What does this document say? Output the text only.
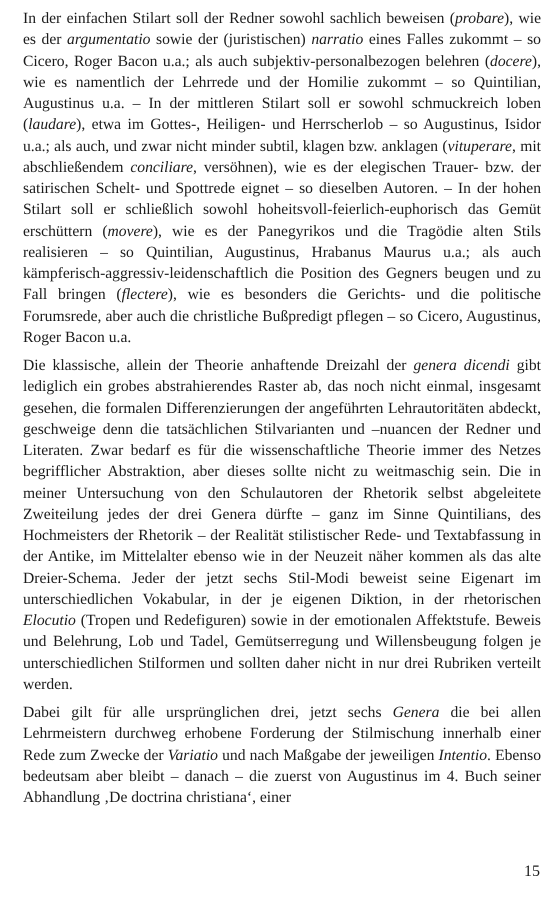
In der einfachen Stilart soll der Redner sowohl sachlich beweisen (probare), wie es der argumentatio sowie der (juristischen) narratio eines Falles zukommt – so Cicero, Roger Bacon u.a.; als auch subjektiv-personalbezogen belehren (docere), wie es namentlich der Lehrrede und der Homilie zukommt – so Quintilian, Augustinus u.a. – In der mittleren Stilart soll er sowohl schmuckreich loben (laudare), etwa im Gottes-, Heiligen- und Herrscherlob – so Augustinus, Isidor u.a.; als auch, und zwar nicht minder subtil, klagen bzw. anklagen (vituperare, mit abschließendem conciliare, versöhnen), wie es der elegischen Trauer- bzw. der satirischen Schelt- und Spottrede eignet – so dieselben Autoren. – In der hohen Stilart soll er schließlich sowohl hoheitsvoll-feierlich-euphorisch das Gemüt erschüttern (movere), wie es der Panegyrikos und die Tragödie alten Stils realisieren – so Quintilian, Augustinus, Hrabanus Maurus u.a.; als auch kämpferisch-aggressiv-leidenschaftlich die Position des Gegners beugen und zu Fall bringen (flectere), wie es besonders die Gerichts- und die politische Forumsrede, aber auch die christliche Bußpredigt pflegen – so Cicero, Augustinus, Roger Bacon u.a.

Die klassische, allein der Theorie anhaftende Dreizahl der genera dicendi gibt lediglich ein grobes abstrahierendes Raster ab, das noch nicht einmal, insgesamt gesehen, die formalen Differenzierungen der angeführten Lehrautoritäten abdeckt, geschweige denn die tatsächlichen Stilvarianten und –nuancen der Redner und Literaten. Zwar bedarf es für die wissenschaftliche Theorie immer des Netzes begrifflicher Abstraktion, aber dieses sollte nicht zu weitmaschig sein. Die in meiner Untersuchung von den Schulautoren der Rhetorik selbst abgeleitete Zweiteilung jedes der drei Genera dürfte – ganz im Sinne Quintilians, des Hochmeisters der Rhetorik – der Realität stilistischer Rede- und Textabfassung in der Antike, im Mittelalter ebenso wie in der Neuzeit näher kommen als das alte Dreier-Schema. Jeder der jetzt sechs Stil-Modi beweist seine Eigenart im unterschiedlichen Vokabular, in der je eigenen Diktion, in der rhetorischen Elocutio (Tropen und Redefiguren) sowie in der emotionalen Affektstufe. Beweis und Belehrung, Lob und Tadel, Gemütserregung und Willensbeugung folgen je unterschiedlichen Stilformen und sollten daher nicht in nur drei Rubriken verteilt werden.

Dabei gilt für alle ursprünglichen drei, jetzt sechs Genera die bei allen Lehrmeistern durchweg erhobene Forderung der Stilmischung innerhalb einer Rede zum Zwecke der Variatio und nach Maßgabe der jeweiligen Intentio. Ebenso bedeutsam aber bleibt – danach – die zuerst von Augustinus im 4. Buch seiner Abhandlung ‚De doctrina christiana‘, einer

15
